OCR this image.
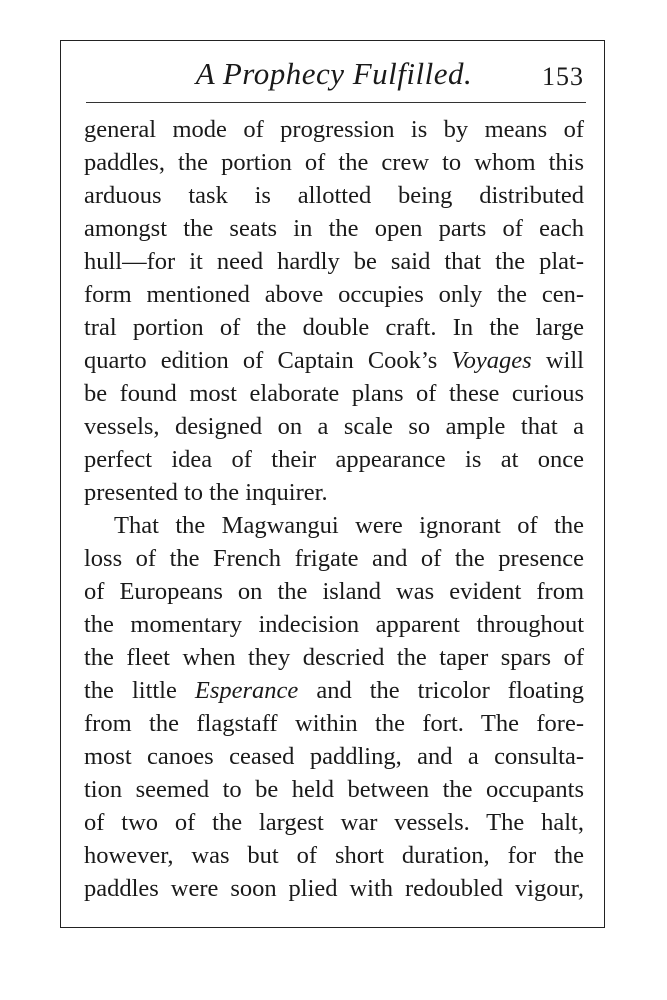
A Prophecy Fulfilled.	153
general mode of progression is by means of
paddles, the portion of the crew to whom this
arduous task is allotted being distributed
amongst the seats in the open parts of each
hull—for it need hardly be said that the plat-
form mentioned above occupies only the cen-
tral portion of the double craft. In the large
quarto edition of Captain Cook’s Voyages will
be found most elaborate plans of these curious
vessels, designed on a scale so ample that a
perfect idea of their appearance is at once
presented to the inquirer.
That the Magwangui were ignorant of the
loss of the French frigate and of the presence
of Europeans on the island was evident from
the momentary indecision apparent throughout
the fleet when they descried the taper spars of
the little Esperance and the tricolor floating
from the flagstaff within the fort. The fore-
most canoes ceased paddling, and a consulta-
tion seemed to be held between the occupants
of two of the largest war vessels. The halt,
however, was but of short duration, for the
paddles were soon plied with redoubled vigour,
